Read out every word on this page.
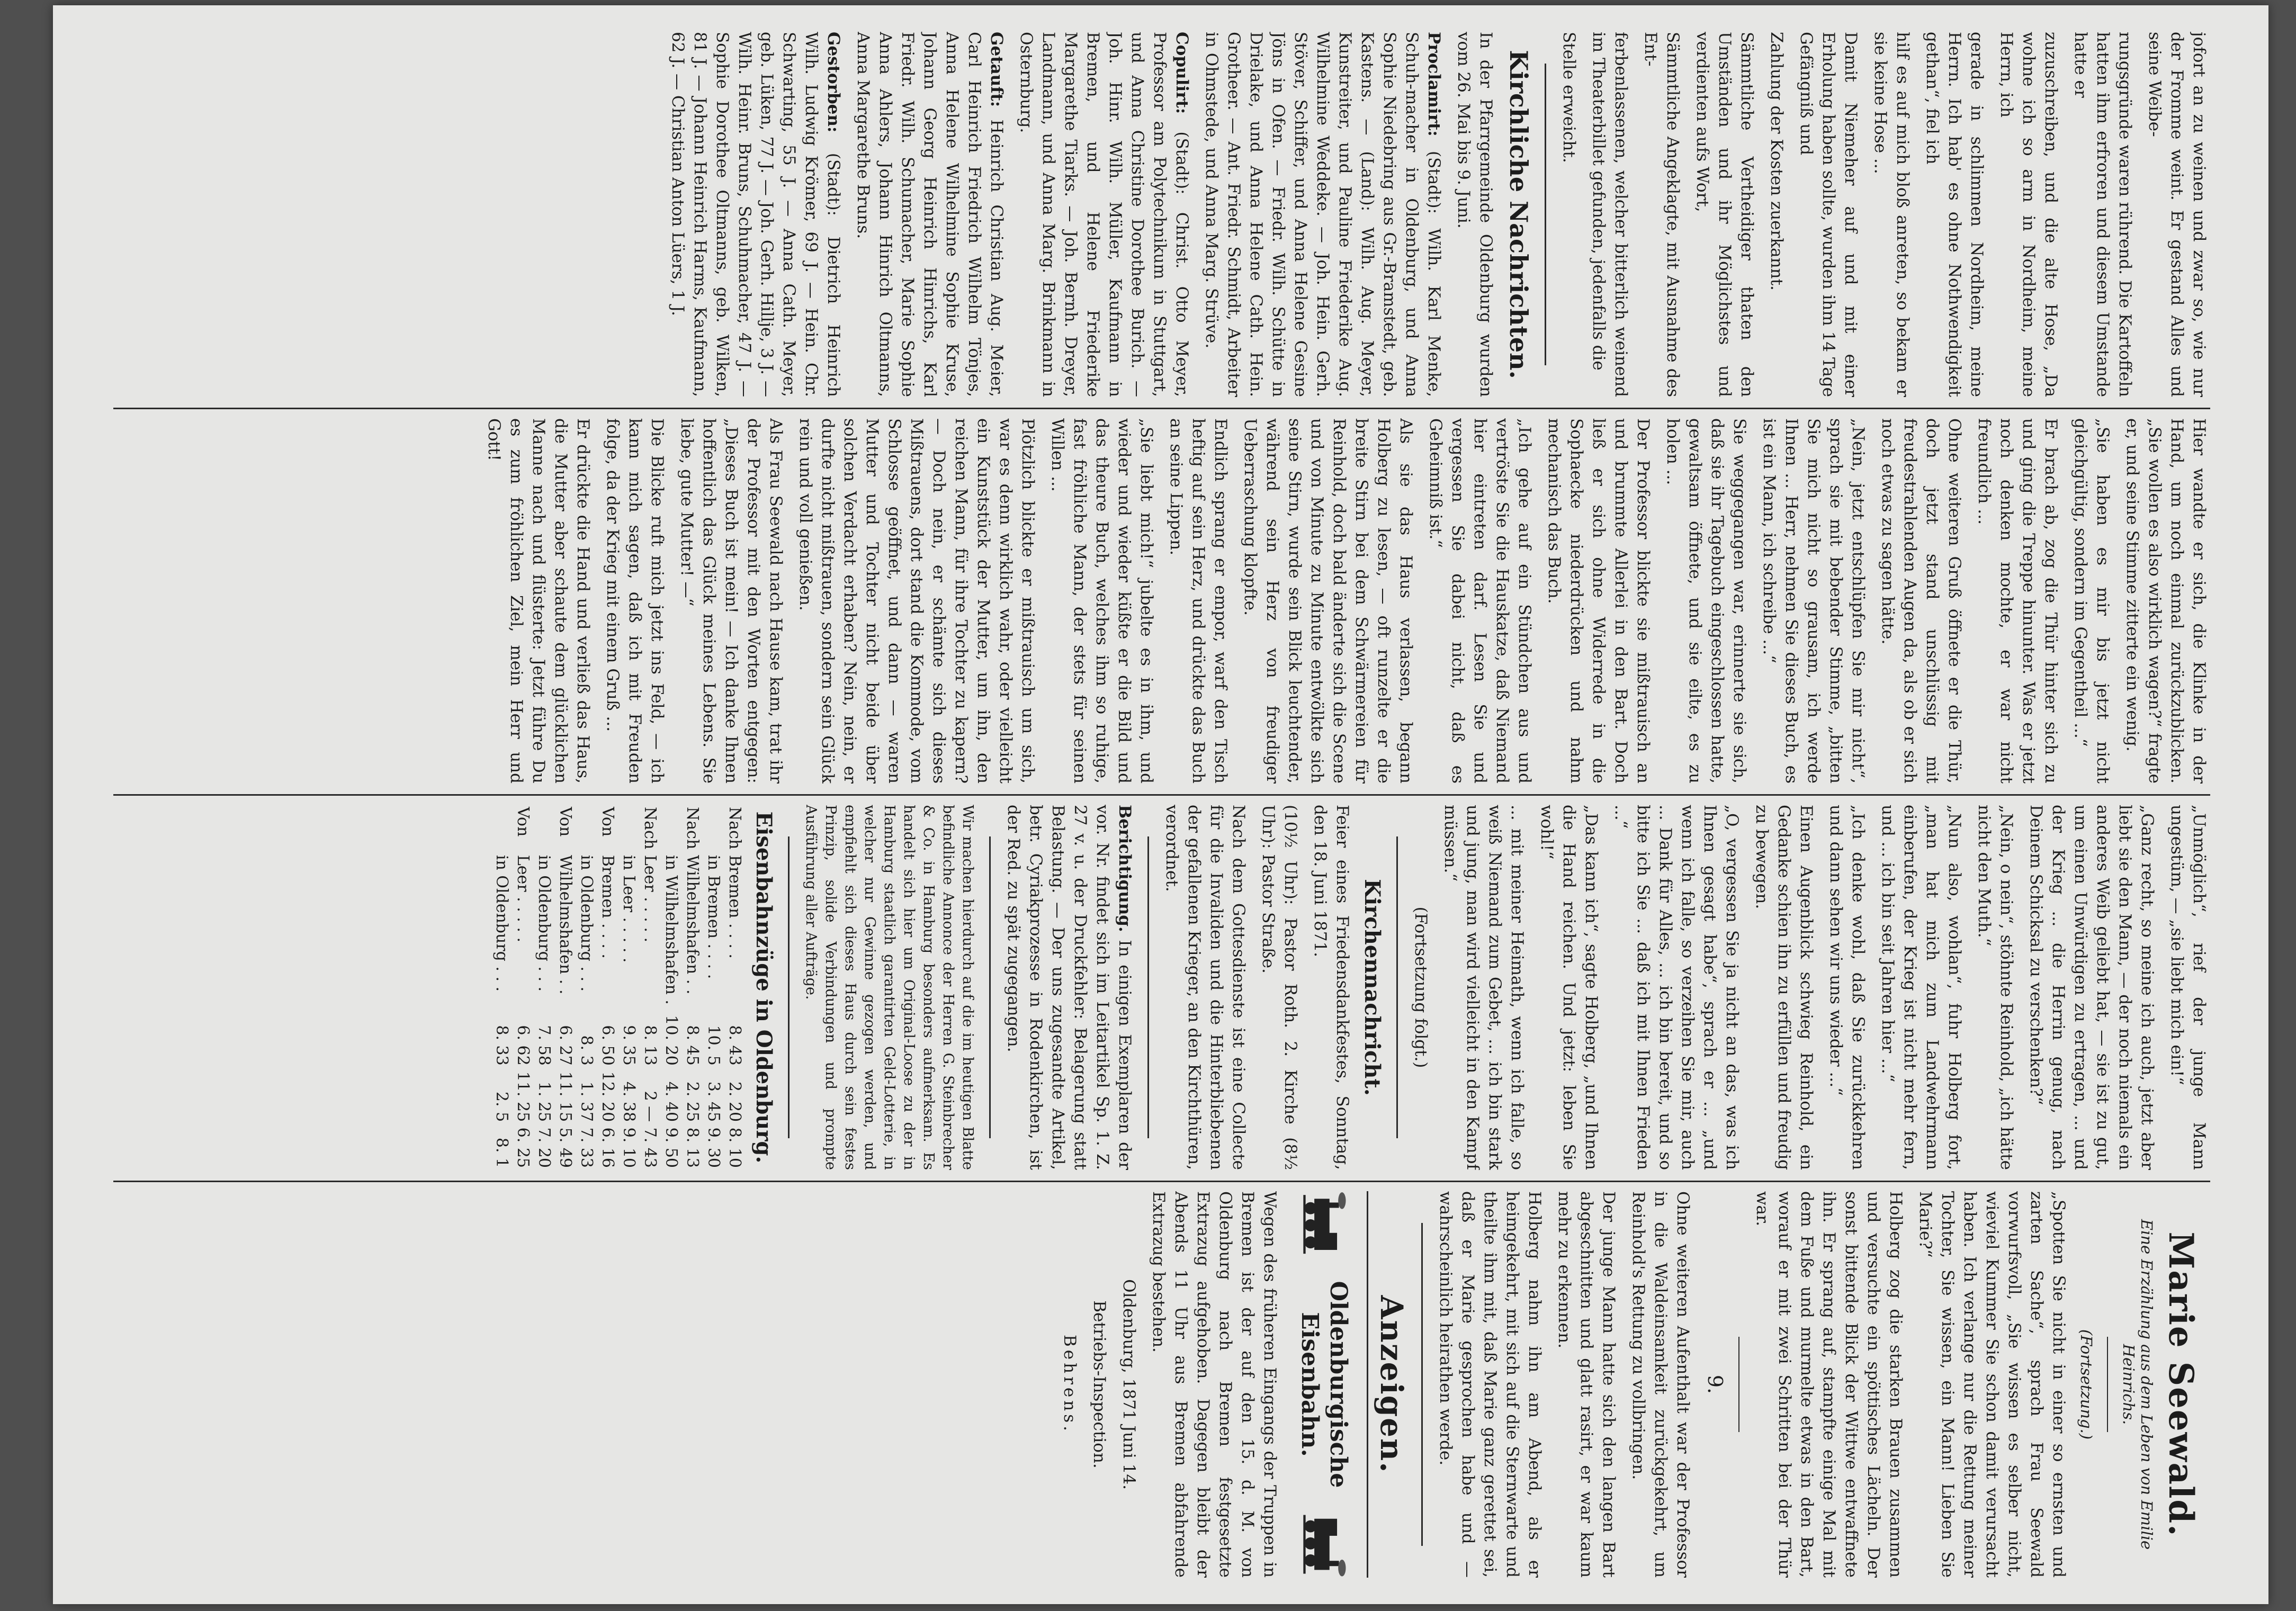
jofort an zu weinen und zwar so, wie nur der Fromme weint. Er gestand Alles und seine Weibe-
rungsgründe waren rührend. Die Kartoffeln hatten ihm erfroren und diesem Umstande hatte er
zuzuschreiben, und die alte Hose, „Da wohne ich so arm in Nordheim, meine Herrn, ich
gerade in schlimmen Nordheim, meine Herrn. Ich hab' es ohne Nothwendigkeit gethan“, fiel ich
hilf es auf mich bloß anreten, so bekam er sie keine Hose ...
Damit Niemeher auf und mit einer Erholung haben sollte, wurden ihm 14 Tage Gefängniß und
Zahlung der Kosten zuerkannt.
Sämmtliche Vertheidiger thaten den Umständen und ihr Möglichstes und verdienten aufs Wort,
Sämmtliche Angeklagte, mit Ausnahme des Ent-
ferbenlassenen, welcher bitterlich weinend im Theaterbillet gefunden, jedenfalls die
Stelle erweicht.
Kirchliche Nachrichten.

In der Pfarrgemeinde Oldenburg wurden vom 26. Mai bis 9. Juni.

Proclamirt: (Stadt): Wilh. Karl Menke, Schuh-macher in Oldenburg, und Anna Sophie Niedebring aus Gr.-Bramstedt, geb. Kastens. — (Land): Wilh. Aug. Meyer, Kunstreiter, und Pauline Friederike Aug. Wilhelmine Weddeke. — Joh. Hein. Gerh. Stöver, Schiffer, und Anna Helene Gesine Jöns in Ofen. — Friedr. Wilh. Schütte in Drielake, und Anna Helene Cath. Hein. Grotheer. — Ant. Friedr. Schmidt, Arbeiter in Ohmstede, und Anna Marg. Strüve.

Copulirt: (Stadt): Christ. Otto Meyer, Professor am Polytechnikum in Stuttgart, und Anna Christine Dorothee Burich. — Joh. Hinr. Wilh. Müller, Kaufmann in Bremen, und Helene Friederike Margarethe Tiarks. — Joh. Bernh. Dreyer, Landmann, und Anna Marg. Brinkmann in Osternburg.

Getauft: Heinrich Christian Aug. Meier, Carl Heinrich Friedrich Wilhelm Tönjes, Anna Helene Wilhelmine Sophie Kruse, Johann Georg Heinrich Hinrichs, Karl Friedr. Wilh. Schumacher, Marie Sophie Anna Ahlers, Johann Hinrich Oltmanns, Anna Margarethe Bruns.

Gestorben: (Stadt): Dietrich Heinrich Wilh. Ludwig Krömer, 69 J. — Hein. Chr. Schwarting, 55 J. — Anna Cath. Meyer, geb. Lüken, 77 J. — Joh. Gerh. Hillje, 3 J. — Wilh. Heinr. Bruns, Schuhmacher, 47 J. — Sophie Dorothee Oltmanns, geb. Wilken, 81 J. — Johann Heinrich Harms, Kaufmann, 62 J. — Christian Anton Lüers, 1 J.

Hier wandte er sich, die Klinke in der Hand, um noch einmal zurückzublicken. „Sie wollen es also wirklich wagen?“ fragte er, und seine Stimme zitterte ein wenig.
„Sie haben es mir bis jetzt nicht gleichgültig, sondern im Gegentheil ...“
Er brach ab, zog die Thür hinter sich zu und ging die Treppe hinunter. Was er jetzt noch denken mochte, er war nicht freundlich ...
Ohne weiteren Gruß öffnete er die Thür, doch jetzt stand unschlüssig mit freudestrahlenden Augen da, als ob er sich noch etwas zu sagen hätte.
„Nein, jetzt entschlüpfen Sie mir nicht“, sprach sie mit bebender Stimme, „bitten Sie mich nicht so grausam, ich werde Ihnen ... Herr, nehmen Sie dieses Buch, es ist ein Mann, ich schreibe ...“
Sie weggegangen war, erinnerte sie sich, daß sie ihr Tagebuch eingeschlossen hatte, gewaltsam öffnete, und sie eilte, es zu holen ...
Der Professor blickte sie mißtrauisch an und brummte Allerlei in den Bart. Doch ließ er sich ohne Widerrede in die Sophaecke niederdrücken und nahm mechanisch das Buch.
„Ich gehe auf ein Stündchen aus und vertröste Sie die Hauskatze, daß Niemand hier eintreten darf. Lesen Sie und vergessen Sie dabei nicht, daß es Geheimniß ist.“
Als sie das Haus verlassen, begann Holberg zu lesen, — oft runzelte er die breite Stirn bei dem Schwärmereien für Reinhold, doch bald änderte sich die Scene und von Minute zu Minute entwölkte sich seine Stirn, wurde sein Blick leuchtender, während sein Herz von freudiger Ueberraschung klopfte.
Endlich sprang er empor, warf den Tisch heftig auf sein Herz, und drückte das Buch an seine Lippen.
„Sie liebt mich!“ jubelte es in ihm, und wieder und wieder küßte er die Bild und das theure Buch, welches ihm so ruhige, fast fröhliche Mann, der stets für seinen Willen ...
Plötzlich blickte er mißtrauisch um sich, war es denn wirklich wahr, oder vielleicht ein Kunststück der Mutter, um ihn, den reichen Mann, für ihre Tochter zu kapern? — Doch nein, er schämte sich dieses Mißtrauens, dort stand die Kommode, vom Schlosse geöffnet, und dann — waren Mutter und Tochter nicht beide über solchen Verdacht erhaben? Nein, nein, er durfte nicht mißtrauen, sondern sein Glück rein und voll genießen.
Als Frau Seewald nach Hause kam, trat ihr der Professor mit den Worten entgegen: „Dieses Buch ist mein! — Ich danke Ihnen hoffentlich das Glück meines Lebens. Sie liebe, gute Mutter! —“
Die Blicke ruft mich jetzt ins Feld, — ich kann mich sagen, daß ich mit Freuden folge, da der Krieg mit einem Gruß ...
Er drückte die Hand und verließ das Haus, die Mutter aber schaute dem glücklichen Manne nach und flüsterte: Jetzt führe Du es zum fröhlichen Ziel, mein Herr und Gott!
„Unmöglich“, rief der junge Mann ungestüm, — „sie liebt mich ein!“
„Ganz recht, so meine ich auch, jetzt aber liebt sie den Mann, — der noch niemals ein anderes Weib geliebt hat, — sie ist zu gut, um einen Unwürdigen zu ertragen, ... und der Krieg ... die Herrin genug, nach Deinem Schicksal zu verschenken?“
„Nein, o nein“, stöhnte Reinhold, „ich hätte nicht den Muth.“
„Nun also, wohlan“, fuhr Holberg fort, „man hat mich zum Landwehrmann einberufen, der Krieg ist nicht mehr fern, und ... ich bin seit Jahren hier ...“
„Ich denke wohl, daß Sie zurückkehren und dann sehen wir uns wieder ...“
Einen Augenblick schwieg Reinhold, ein Gedanke schien ihn zu erfüllen und freudig zu bewegen.
„O, vergessen Sie ja nicht an das, was ich Ihnen gesagt habe“, sprach er ... „und wenn ich falle, so verzeihen Sie mir, auch ... Dank für Alles, ... ich bin bereit, und so bitte ich Sie ... daß ich mit Ihnen Frieden ...“
„Das kann ich“, sagte Holberg, „und Ihnen die Hand reichen. Und jetzt: leben Sie wohl!“
... mit meiner Heimath, wenn ich falle, so weiß Niemand zum Gebet, ... ich bin stark und jung, man wird vielleicht in den Kampf müssen.“
(Fortsetzung folgt.)
Kirchennachricht.

Feier eines Friedensdankfestes, Sonntag, den 18. Juni 1871.

(10½ Uhr): Pastor Roth. 2. Kirche (8½ Uhr): Pastor Straße.

Nach dem Gottesdienste ist eine Collecte für die Invaliden und die Hinterbliebenen der gefallenen Krieger, an den Kirchthüren, verordnet.

Berichtigung. In einigen Exemplaren der vor. Nr. findet sich im Leitartikel Sp. 1. Z. 27 v. u. der Druckfehler: Belagerung statt Belastung. — Der uns zugesandte Artikel, betr. Cyriakprozesse in Rodenkirchen, ist der Red. zu spät zugegangen.

Wir machen hierdurch auf die im heutigen Blatte befindliche Annonce der Herren G. Steinbrecher & Co. in Hamburg besonders aufmerksam. Es handelt sich hier um Original-Loose zu der in Hamburg staatlich garantirten Geld-Lotterie, in welcher nur Gewinne gezogen werden, und empfiehlt sich dieses Haus durch sein festes Prinzip, solide Verbindungen und prompte Ausführung aller Aufträge.

Eisenbahnzüge in Oldenburg.
Nach	Bremen . . . .	8. 43	2. 20	8. 10
	in Bremen . . . .	10. 5	3. 45	9. 30
Nach	Wilhelmshafen . .	8. 45	2. 25	8. 13
	in Wilhelmshafen .	10. 20	4. 40	9. 50
Nach	Leer . . . . .	8. 13	2 —	7. 43
	in Leer . . . . .	9. 35	4. 38	9. 10
Von	Bremen . . . .	6. 50	12. 20	6. 16
	in Oldenburg . . .	8. 3	1. 37	7. 33
Von	Wilhelmshafen . .	6. 27	11. 15	5. 49
	in Oldenburg . . .	7. 58	1. 25	7. 20
Von	Leer . . . . .	6. 62	11. 25	6. 25
	in Oldenburg . . .	8. 33	2. 5	8. 1
Marie Seewald.
Eine Erzählung aus dem Leben von Emilie Heinrichs.
(Fortsetzung.)
„Spotten Sie nicht in einer so ernsten und zarten Sache“, sprach Frau Seewald vorwurfsvoll, „Sie wissen es selber nicht, wieviel Kummer Sie schon damit verursacht haben. Ich verlange nur die Rettung meiner Tochter, Sie wissen, ein Mann! Lieben Sie Marie?“
Holberg zog die starken Brauen zusammen und versuchte ein spöttisches Lächeln. Der sonst bittende Blick der Wittwe entwaffnete ihn. Er sprang auf, stampfte einige Mal mit dem Fuße und murmelte etwas in den Bart, worauf er mit zwei Schritten bei der Thür war.
9.
Ohne weiteren Aufenthalt war der Professor in die Waldeinsamkeit zurückgekehrt, um Reinhold's Rettung zu vollbringen.
Der junge Mann hatte sich den langen Bart abgeschnitten und glatt rasirt, er war kaum mehr zu erkennen.
Holberg nahm ihn am Abend, als er heimgekehrt, mit sich auf die Sternwarte und theilte ihm mit, daß Marie ganz gerettet sei, daß er Marie gesprochen habe und — wahrscheinlich heirathen werde.
Anzeigen.
Oldenburgische Eisenbahn.

Wegen des früheren Eingangs der Truppen in Bremen ist der auf den 15. d. M. von Oldenburg nach Bremen festgesetzte Extrazug aufgehoben. Dagegen bleibt der Abends 11 Uhr aus Bremen abfahrende Extrazug bestehen.

Oldenburg, 1871 Juni 14.

Betriebs-Inspection.

Behrens.
